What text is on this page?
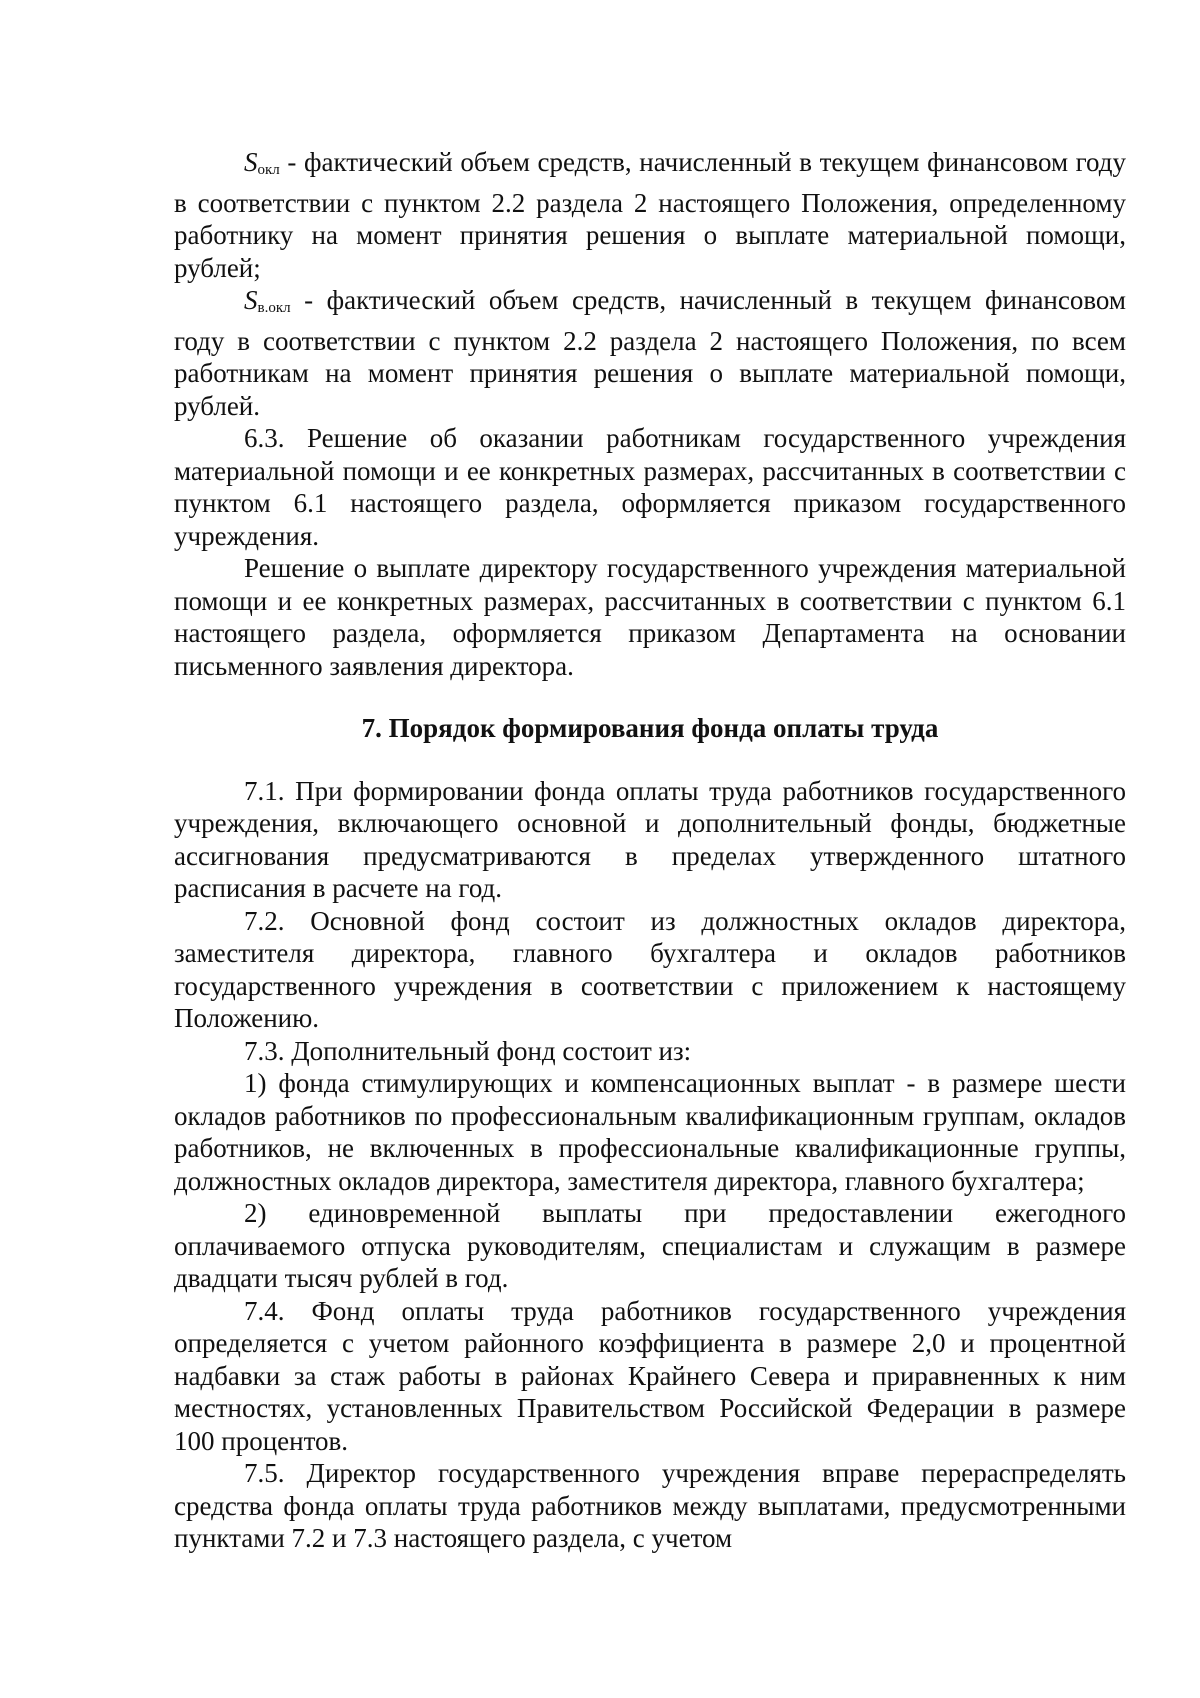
Sокл - фактический объем средств, начисленный в текущем финансовом году в соответствии с пунктом 2.2 раздела 2 настоящего Положения, определенному работнику на момент принятия решения о выплате материальной помощи, рублей;

Sв.окл - фактический объем средств, начисленный в текущем финансовом году в соответствии с пунктом 2.2 раздела 2 настоящего Положения, по всем работникам на момент принятия решения о выплате материальной помощи, рублей.

6.3. Решение об оказании работникам государственного учреждения материальной помощи и ее конкретных размерах, рассчитанных в соответствии с пунктом 6.1 настоящего раздела, оформляется приказом государственного учреждения.

Решение о выплате директору государственного учреждения материальной помощи и ее конкретных размерах, рассчитанных в соответствии с пунктом 6.1 настоящего раздела, оформляется приказом Департамента на основании письменного заявления директора.

7. Порядок формирования фонда оплаты труда

7.1. При формировании фонда оплаты труда работников государственного учреждения, включающего основной и дополнительный фонды, бюджетные ассигнования предусматриваются в пределах утвержденного штатного расписания в расчете на год.

7.2. Основной фонд состоит из должностных окладов директора, заместителя директора, главного бухгалтера и окладов работников государственного учреждения в соответствии с приложением к настоящему Положению.

7.3. Дополнительный фонд состоит из:

1) фонда стимулирующих и компенсационных выплат - в размере шести окладов работников по профессиональным квалификационным группам, окладов работников, не включенных в профессиональные квалификационные группы, должностных окладов директора, заместителя директора, главного бухгалтера;

2) единовременной выплаты при предоставлении ежегодного оплачиваемого отпуска руководителям, специалистам и служащим в размере двадцати тысяч рублей в год.

7.4. Фонд оплаты труда работников государственного учреждения определяется с учетом районного коэффициента в размере 2,0 и процентной надбавки за стаж работы в районах Крайнего Севера и приравненных к ним местностях, установленных Правительством Российской Федерации в размере 100 процентов.

7.5. Директор государственного учреждения вправе перераспределять средства фонда оплаты труда работников между выплатами, предусмотренными пунктами 7.2 и 7.3 настоящего раздела, с учетом
